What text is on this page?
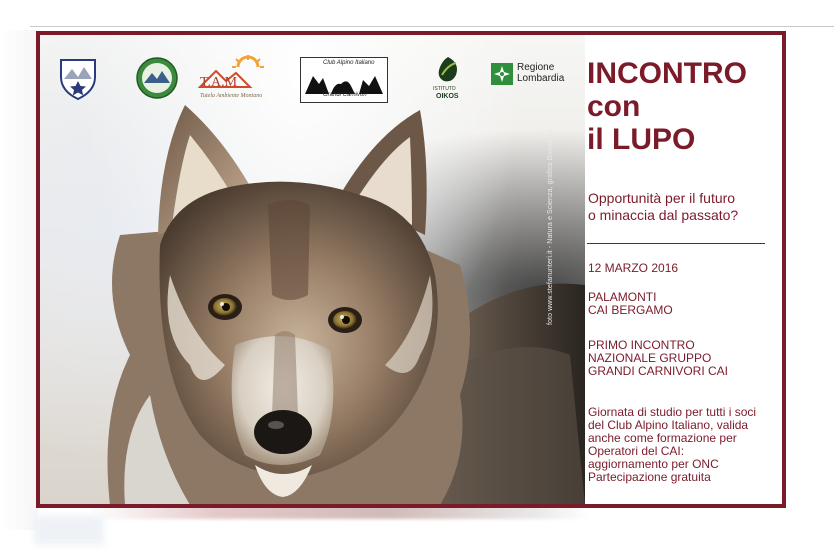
T.A.M
Tutela Ambiente Montano
Club Alpino Italiano
Grandi Carnivori
ISTITUTO
OIKOS
Regione
Lombardia
foto www.stefanunteri.it - Natura e Scienza, grafica Donadoni
INCONTRO
con
il LUPO
Opportunità per il futuro
o minaccia dal passato?
12 MARZO 2016
PALAMONTI
CAI BERGAMO
PRIMO INCONTRO
NAZIONALE GRUPPO
GRANDI CARNIVORI CAI
Giornata di studio per tutti i soci
del Club Alpino Italiano, valida
anche come formazione per
Operatori del CAI:
aggiornamento per ONC
Partecipazione gratuita
